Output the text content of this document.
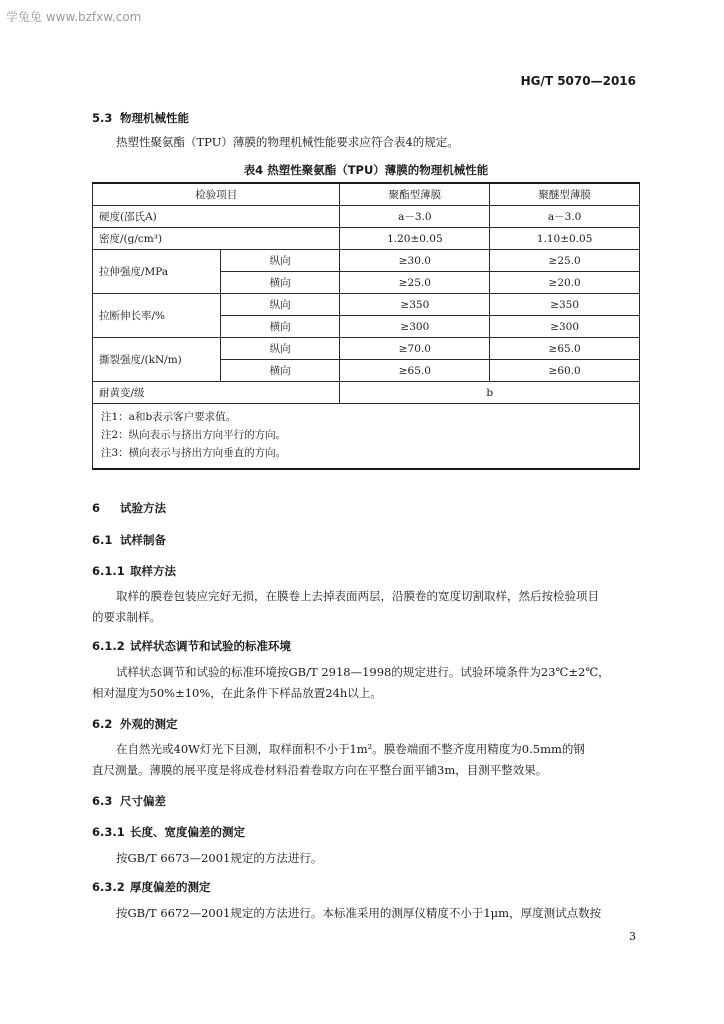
学兔兔 www.bzfxw.com
HG/T 5070—2016
5.3 物理机械性能
热塑性聚氨酯（TPU）薄膜的物理机械性能要求应符合表4的规定。
表4 热塑性聚氨酯（TPU）薄膜的物理机械性能
检验项目		聚酯型薄膜	聚醚型薄膜
硬度(邵氏A)		a－3.0	a－3.0
密度/(g/cm³)		1.20±0.05	1.10±0.05
拉伸强度/MPa	纵向	≥30.0	≥25.0
	横向	≥25.0	≥20.0
拉断伸长率/%	纵向	≥350	≥350
	横向	≥300	≥300
撕裂强度/(kN/m)	纵向	≥70.0	≥65.0
	横向	≥65.0	≥60.0
耐黄变/级		b	

注1：a和b表示客户要求值。
注2：纵向表示与挤出方向平行的方向。
注3：横向表示与挤出方向垂直的方向。			
6 试验方法
6.1 试样制备
6.1.1 取样方法
取样的膜卷包装应完好无损，在膜卷上去掉表面两层，沿膜卷的宽度切割取样，然后按检验项目
的要求制样。
6.1.2 试样状态调节和试验的标准环境
试样状态调节和试验的标准环境按GB/T 2918—1998的规定进行。试验环境条件为23℃±2℃，
相对湿度为50%±10%，在此条件下样品放置24h以上。
6.2 外观的测定
在自然光或40W灯光下目测，取样面积不小于1m²。膜卷端面不整齐度用精度为0.5mm的钢
直尺测量。薄膜的展平度是将成卷材料沿着卷取方向在平整台面平铺3m，目测平整效果。
6.3 尺寸偏差
6.3.1 长度、宽度偏差的测定
按GB/T 6673—2001规定的方法进行。
6.3.2 厚度偏差的测定
按GB/T 6672—2001规定的方法进行。本标准采用的测厚仪精度不小于1μm，厚度测试点数按
3
